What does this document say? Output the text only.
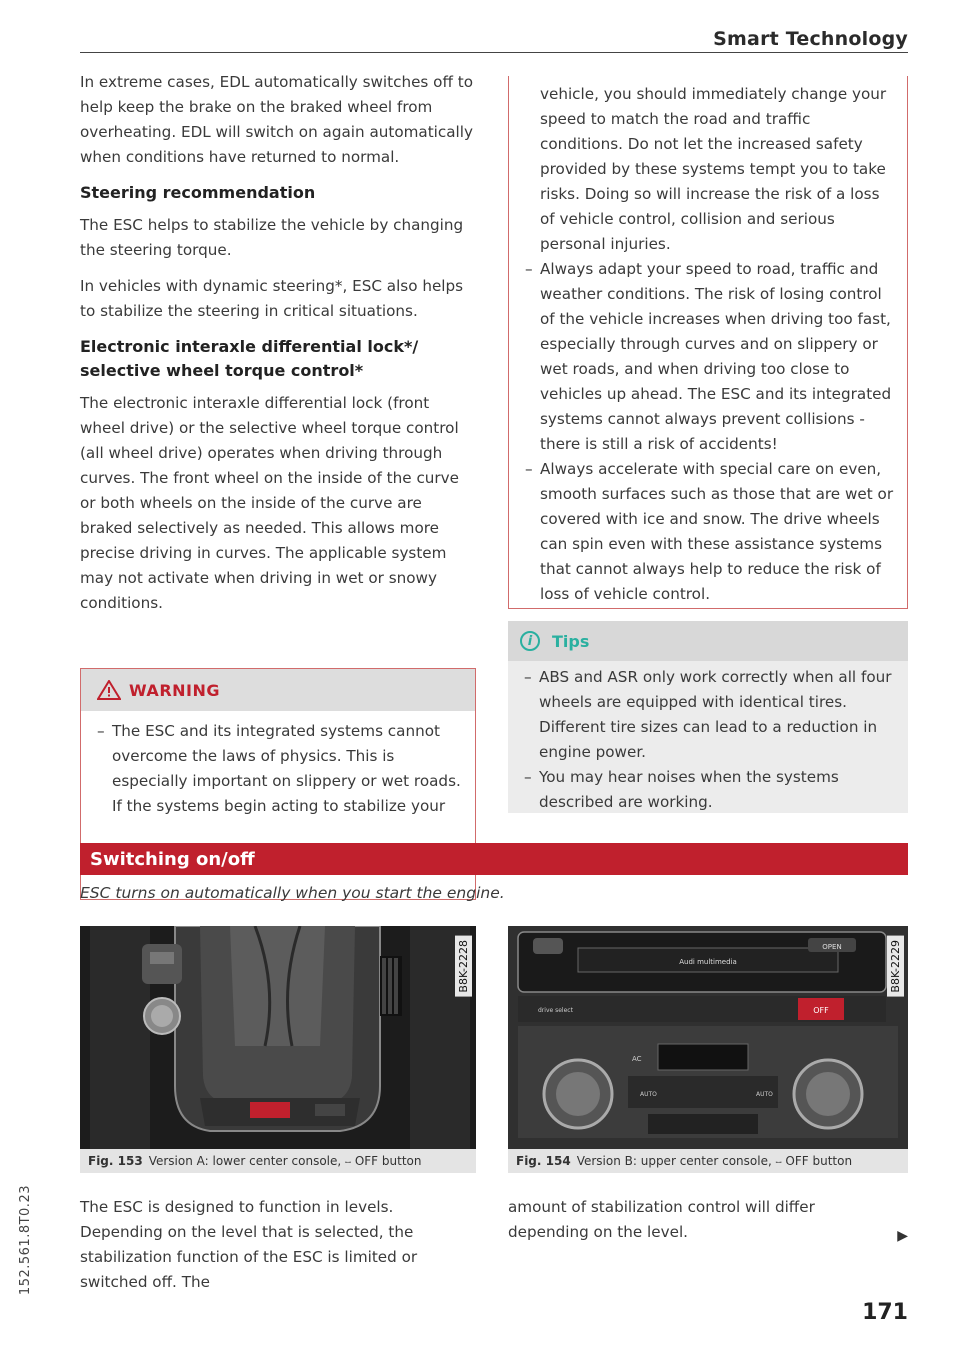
Smart Technology

In extreme cases, EDL automatically switches off to help keep the brake on the braked wheel from overheating. EDL will switch on again automatically when conditions have returned to normal.

Steering recommendation

The ESC helps to stabilize the vehicle by changing the steering torque.

In vehicles with dynamic steering*, ESC also helps to stabilize the steering in critical situations.

Electronic interaxle differential lock*/ selective wheel torque control*

The electronic interaxle differential lock (front wheel drive) or the selective wheel torque control (all wheel drive) operates when driving through curves. The front wheel on the inside of the curve or both wheels on the inside of the curve are braked selectively as needed. This allows more precise driving in curves. The applicable system may not activate when driving in wet or snowy conditions.

WARNING
– The ESC and its integrated systems cannot overcome the laws of physics. This is especially important on slippery or wet roads. If the systems begin acting to stabilize your
vehicle, you should immediately change your speed to match the road and traffic conditions. Do not let the increased safety provided by these systems tempt you to take risks. Doing so will increase the risk of a loss of vehicle control, collision and serious personal injuries.
– Always adapt your speed to road, traffic and weather conditions. The risk of losing control of the vehicle increases when driving too fast, especially through curves and on slippery or wet roads, and when driving too close to vehicles up ahead. The ESC and its integrated systems cannot always prevent collisions - there is still a risk of accidents!
– Always accelerate with special care on even, smooth surfaces such as those that are wet or covered with ice and snow. The drive wheels can spin even with these assistance systems that cannot always help to reduce the risk of loss of vehicle control.
i	Tips
– ABS and ASR only work correctly when all four wheels are equipped with identical tires. Different tire sizes can lead to a reduction in engine power.
– You may hear noises when the systems described are working.
Switching on/off
ESC turns on automatically when you start the engine.
B8K-2228
Fig. 153 Version A: lower center console, ⧿ OFF button
Audi multimedia
OPEN
drive select	OFF
AC
AUTO	AUTO
B8K-2229
Fig. 154 Version B: upper center console, ⧿ OFF button
The ESC is designed to function in levels. Depending on the level that is selected, the stabilization function of the ESC is limited or switched off. The
amount of stabilization control will differ depending on the level.	▶
152.561.8T0.23
171
